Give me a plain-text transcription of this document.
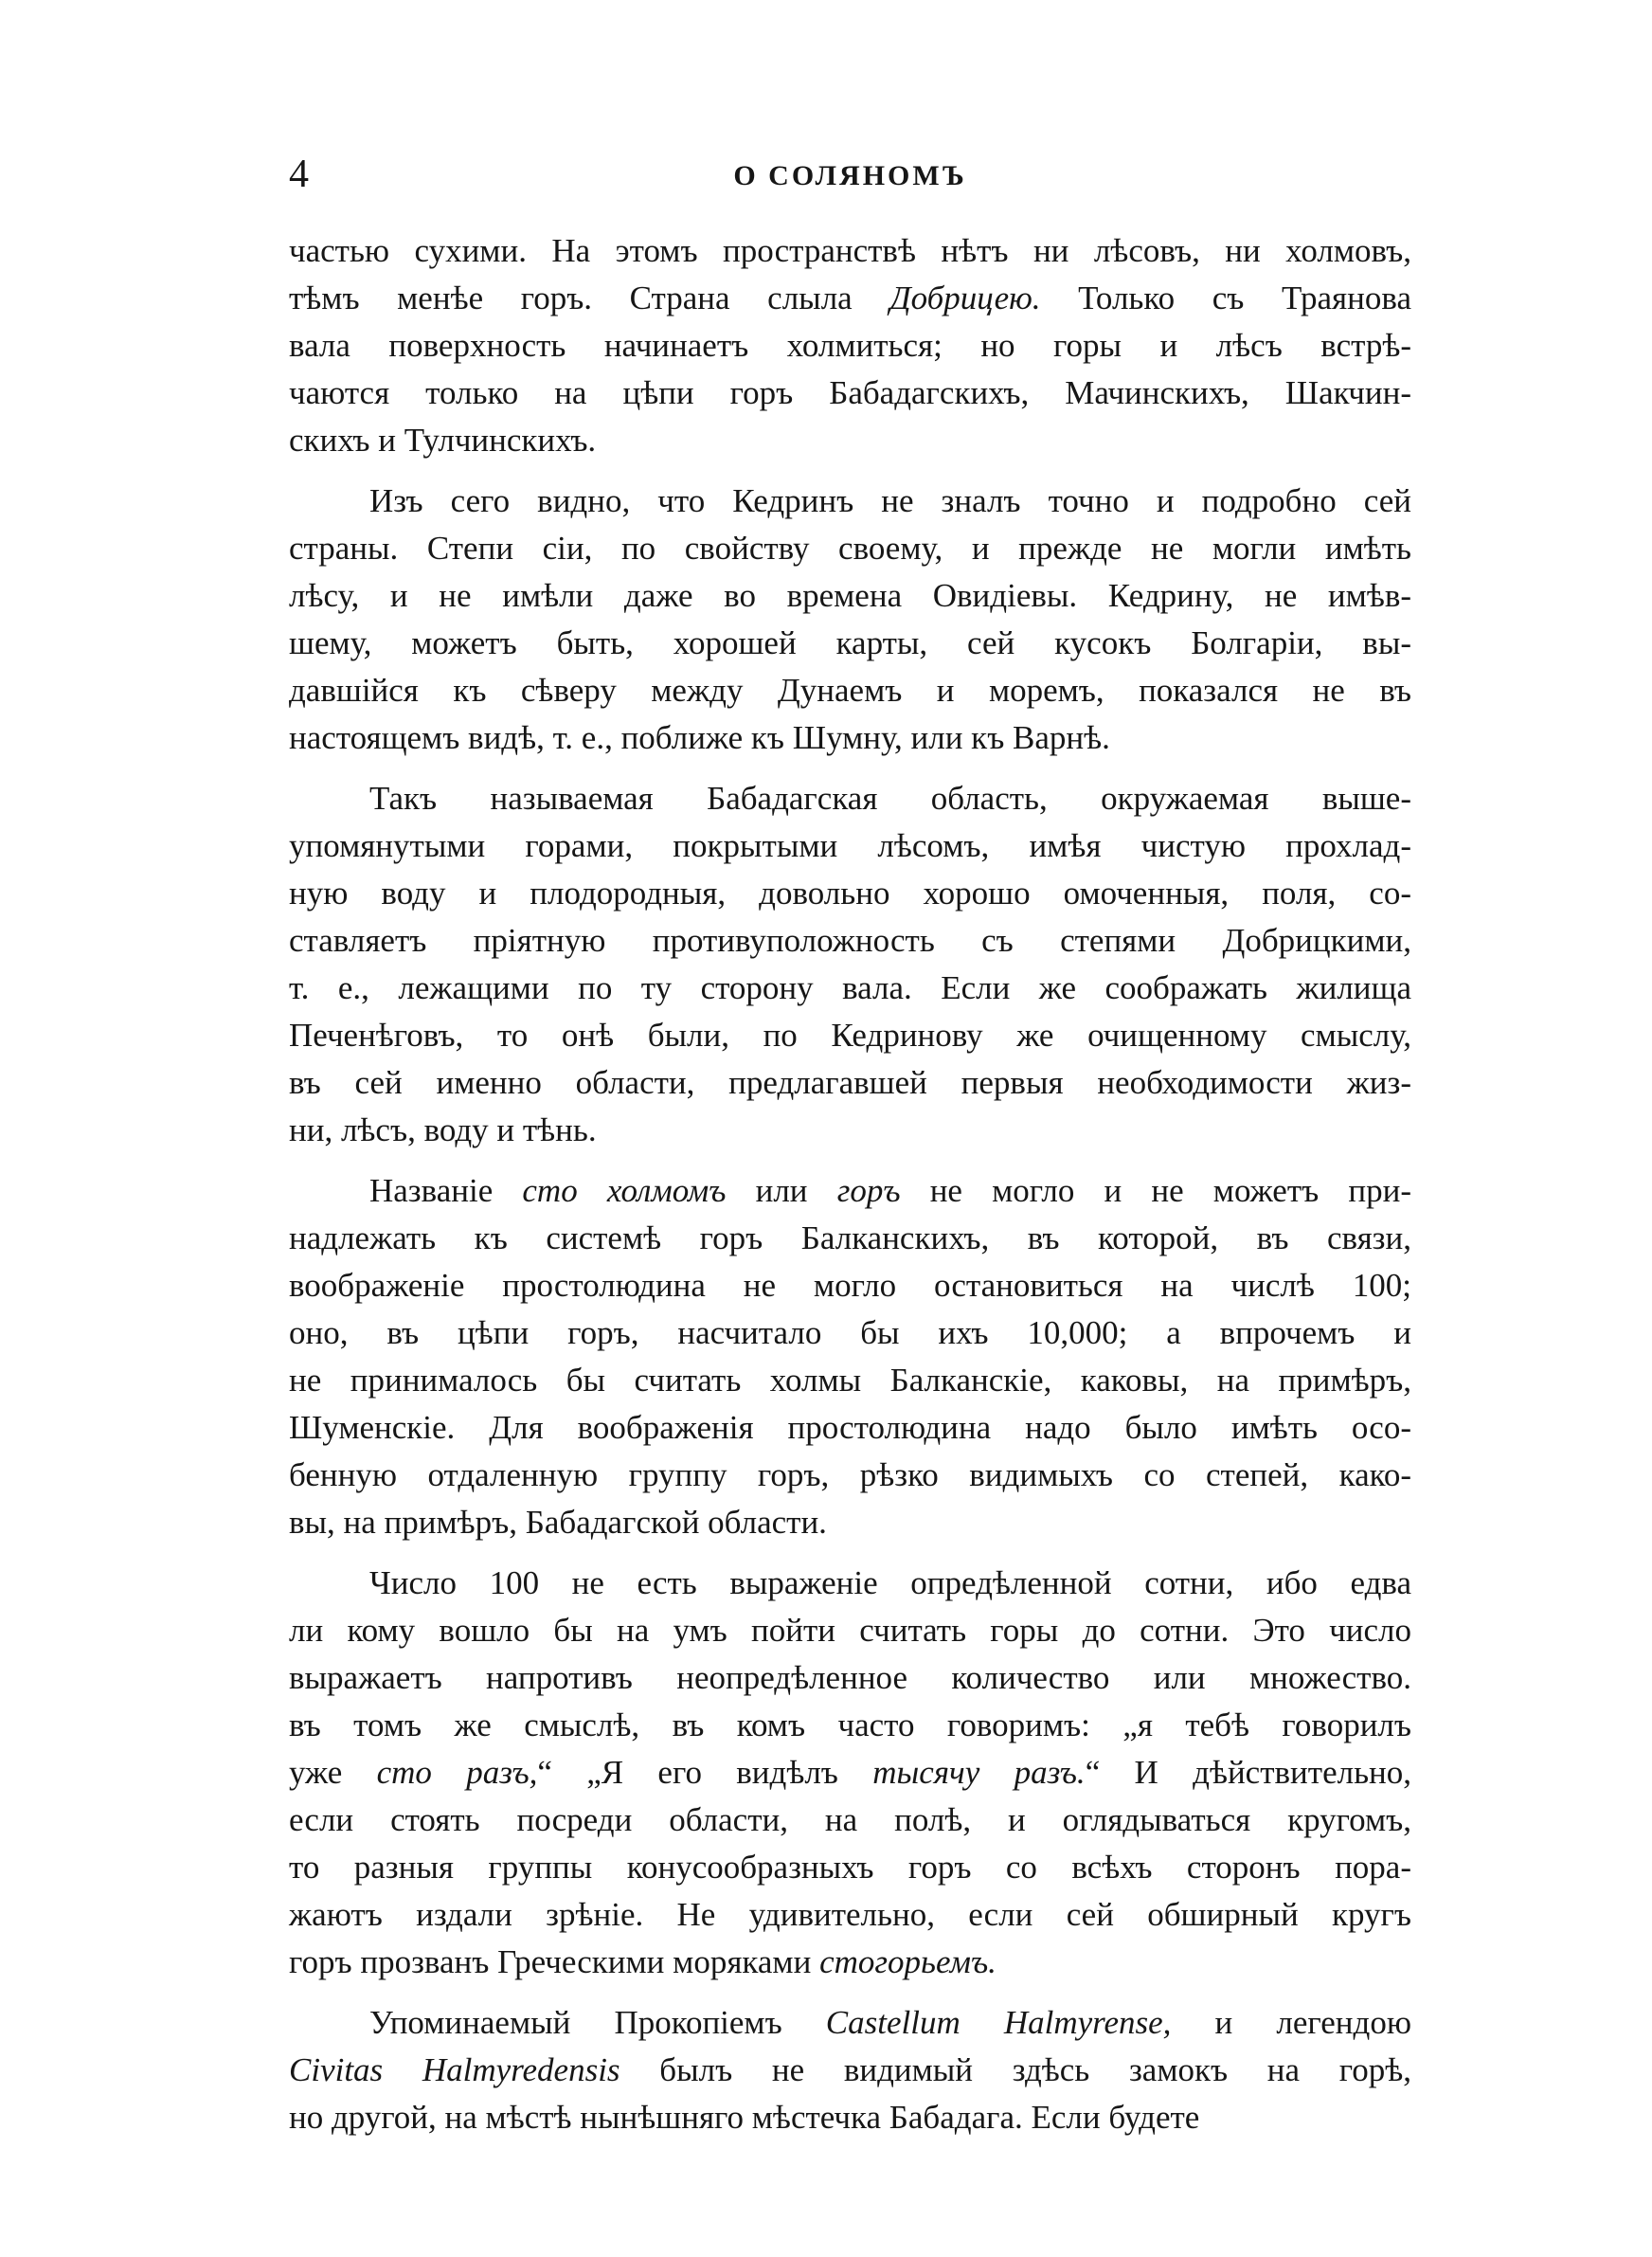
4	О СОЛЯНОМЪ
частью сухими. На этомъ пространствѣ нѣтъ ни лѣсовъ, ни холмовъ,
тѣмъ менѣе горъ. Страна слыла Добрицею. Только съ Траянова
вала поверхность начинаетъ холмиться; но горы и лѣсъ встрѣ-
чаются только на цѣпи горъ Бабадагскихъ, Мачинскихъ, Шакчин-
скихъ и Тулчинскихъ.
Изъ сего видно, что Кедринъ не зналъ точно и подробно сей
страны. Степи сіи, по свойству своему, и прежде не могли имѣть
лѣсу, и не имѣли даже во времена Овидіевы. Кедрину, не имѣв-
шему, можетъ быть, хорошей карты, сей кусокъ Болгаріи, вы-
давшійся къ сѣверу между Дунаемъ и моремъ, показался не въ
настоящемъ видѣ, т. е., поближе къ Шумну, или къ Варнѣ.
Такъ называемая Бабадагская область, окружаемая выше-
упомянутыми горами, покрытыми лѣсомъ, имѣя чистую прохлад-
ную воду и плодородныя, довольно хорошо омоченныя, поля, со-
ставляетъ пріятную противуположность съ степями Добрицкими,
т. е., лежащими по ту сторону вала. Если же соображать жилища
Печенѣговъ, то онѣ были, по Кедринову же очищенному смыслу,
въ сей именно области, предлагавшей первыя необходимости жиз-
ни, лѣсъ, воду и тѣнь.
Названіе сто холмомъ или горъ не могло и не можетъ при-
надлежать къ системѣ горъ Балканскихъ, въ которой, въ связи,
воображеніе простолюдина не могло остановиться на числѣ 100;
оно, въ цѣпи горъ, насчитало бы ихъ 10,000; а впрочемъ и
не принималось бы считать холмы Балканскіе, каковы, на примѣръ,
Шуменскіе. Для воображенія простолюдина надо было имѣть осо-
бенную отдаленную группу горъ, рѣзко видимыхъ со степей, како-
вы, на примѣръ, Бабадагской области.
Число 100 не есть выраженіе опредѣленной сотни, ибо едва
ли кому вошло бы на умъ пойти считать горы до сотни. Это число
выражаетъ напротивъ неопредѣленное количество или множество.
въ томъ же смыслѣ, въ комъ часто говоримъ: „я тебѣ говорилъ
уже сто разъ,“ „Я его видѣлъ тысячу разъ.“ И дѣйствительно,
если стоять посреди области, на полѣ, и оглядываться кругомъ,
то разныя группы конусообразныхъ горъ со всѣхъ сторонъ пора-
жаютъ издали зрѣніе. Не удивительно, если сей обширный кругъ
горъ прозванъ Греческими моряками стогорьемъ.
Упоминаемый Прокопіемъ Castellum Halmyrense, и легендою
Civitas Halmyredensis былъ не видимый здѣсь замокъ на горѣ,
но другой, на мѣстѣ нынѣшняго мѣстечка Бабадага. Если будете
